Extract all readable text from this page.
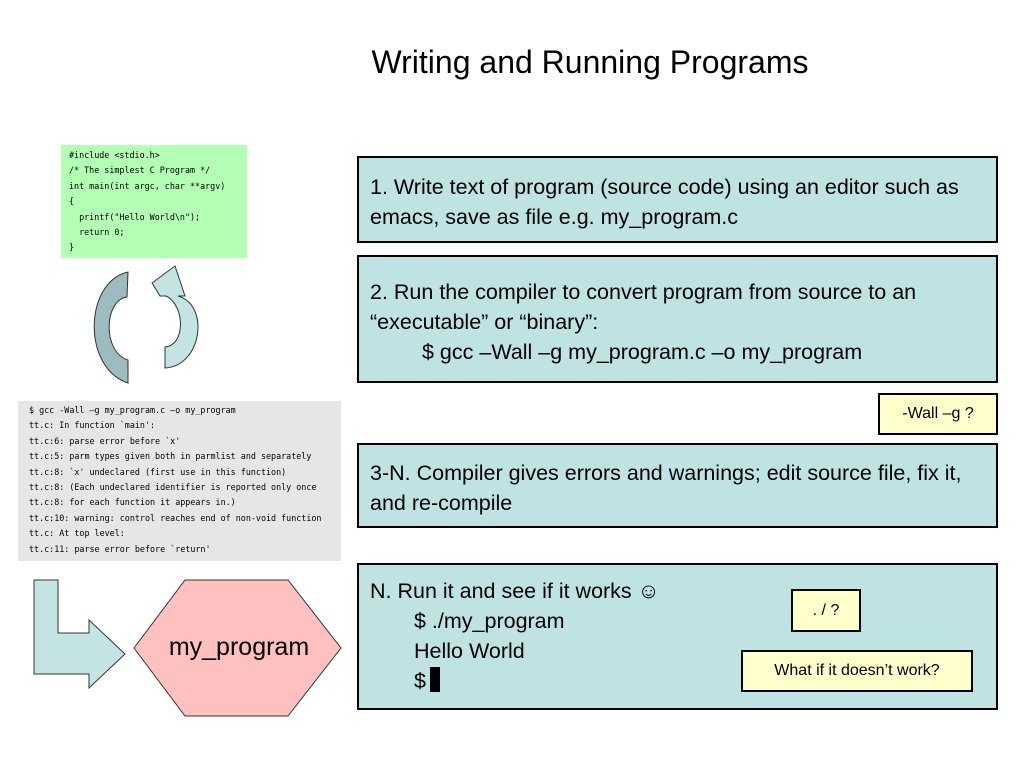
Writing and Running Programs
#include <stdio.h>
/* The simplest C Program */
int main(int argc, char **argv)
{
printf("Hello World\n");
return 0;
}
$ gcc -Wall –g my_program.c –o my_program
tt.c: In function `main':
tt.c:6: parse error before `x'
tt.c:5: parm types given both in parmlist and separately
tt.c:8: `x' undeclared (first use in this function)
tt.c:8: (Each undeclared identifier is reported only once
tt.c:8: for each function it appears in.)
tt.c:10: warning: control reaches end of non-void function
tt.c: At top level:
tt.c:11: parse error before `return'
my_program
1. Write text of program (source code) using an editor such as emacs, save as file e.g. my_program.c
2. Run the compiler to convert program from source to an “executable” or “binary”:
$ gcc –Wall –g my_program.c –o my_program
3-N. Compiler gives errors and warnings; edit source file, fix it, and re-compile
N. Run it and see if it works ☺
$ ./my_program
Hello World
$
-Wall –g ?
. / ?
What if it doesn’t work?
